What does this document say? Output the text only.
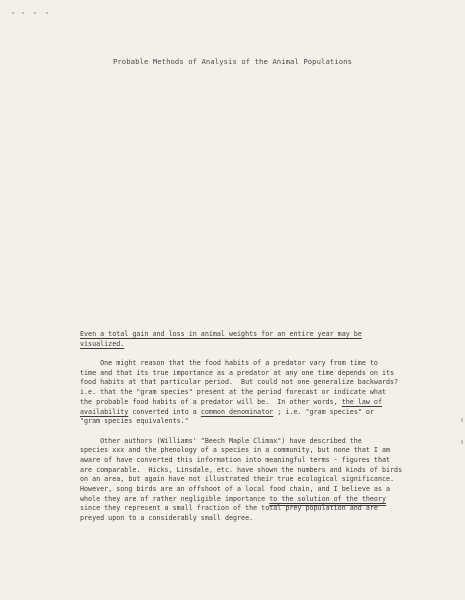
Probable Methods of Analysis of the Animal Populations
Even a total gain and loss in animal weights for an entire year may be
visualized.
One might reason that the food habits of a predator vary from time to
time and that its true importance as a predator at any one time depends on its
food habits at that particular period.  But could not one generalize backwards?
i.e. that the "gram species" present at the period forecast or indicate what
the probable food habits of a predator will be.  In other words, the law of
availability converted into a common denominator ; i.e. "gram species" or
"gram species equivalents."
Other authors (Williams' "Beech Maple Climax") have described the
species xxx and the phenology of a species in a community, but none that I am
aware of have converted this information into meaningful terms - figures that
are comparable.  Hicks, Linsdale, etc. have shown the numbers and kinds of birds
on an area, but again have not illustrated their true ecological significance.
However, song birds are an offshoot of a local food chain, and I believe as a
whole they are of rather negligible importance to the solution of the theory
since they represent a small fraction of the total prey population and are
preyed upon to a considerably small degree.
